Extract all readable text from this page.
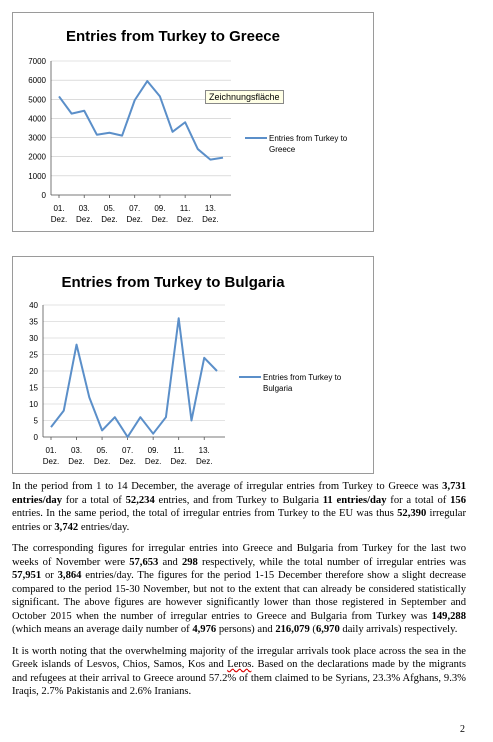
Entries from Turkey to Greece
0
1000
2000
3000
4000
5000
6000
7000
01.
Dez.
03.
Dez.
05.
Dez.
07.
Dez.
09.
Dez.
11.
Dez.
13.
Dez.
Entries from Turkey to
Greece
Zeichnungsfläche
Entries from Turkey to Bulgaria
0
5
10
15
20
25
30
35
40
01.
Dez.
03.
Dez.
05.
Dez.
07.
Dez.
09.
Dez.
11.
Dez.
13.
Dez.
Entries from Turkey to
Bulgaria

In the period from 1 to 14 December, the average of irregular entries from Turkey to Greece was 3,731 entries/day for a total of 52,234 entries, and from Turkey to Bulgaria 11 entries/day for a total of 156 entries. In the same period, the total of irregular entries from Turkey to the EU was thus 52,390 irregular entries or 3,742 entries/day.

The corresponding figures for irregular entries into Greece and Bulgaria from Turkey for the last two weeks of November were 57,653 and 298 respectively, while the total number of irregular entries was 57,951 or 3,864 entries/day. The figures for the period 1-15 December therefore show a slight decrease compared to the period 15-30 November, but not to the extent that can already be considered statistically significant. The above figures are however significantly lower than those registered in September and October 2015 when the number of irregular entries to Greece and Bulgaria from Turkey was 149,288 (which means an average daily number of 4,976 persons) and 216,079 (6,970 daily arrivals) respectively.

It is worth noting that the overwhelming majority of the irregular arrivals took place across the sea in the Greek islands of Lesvos, Chios, Samos, Kos and Leros. Based on the declarations made by the migrants and refugees at their arrival to Greece around 57.2% of them claimed to be Syrians, 23.3% Afghans, 9.3% Iraqis, 2.7% Pakistanis and 2.6% Iranians.

2
